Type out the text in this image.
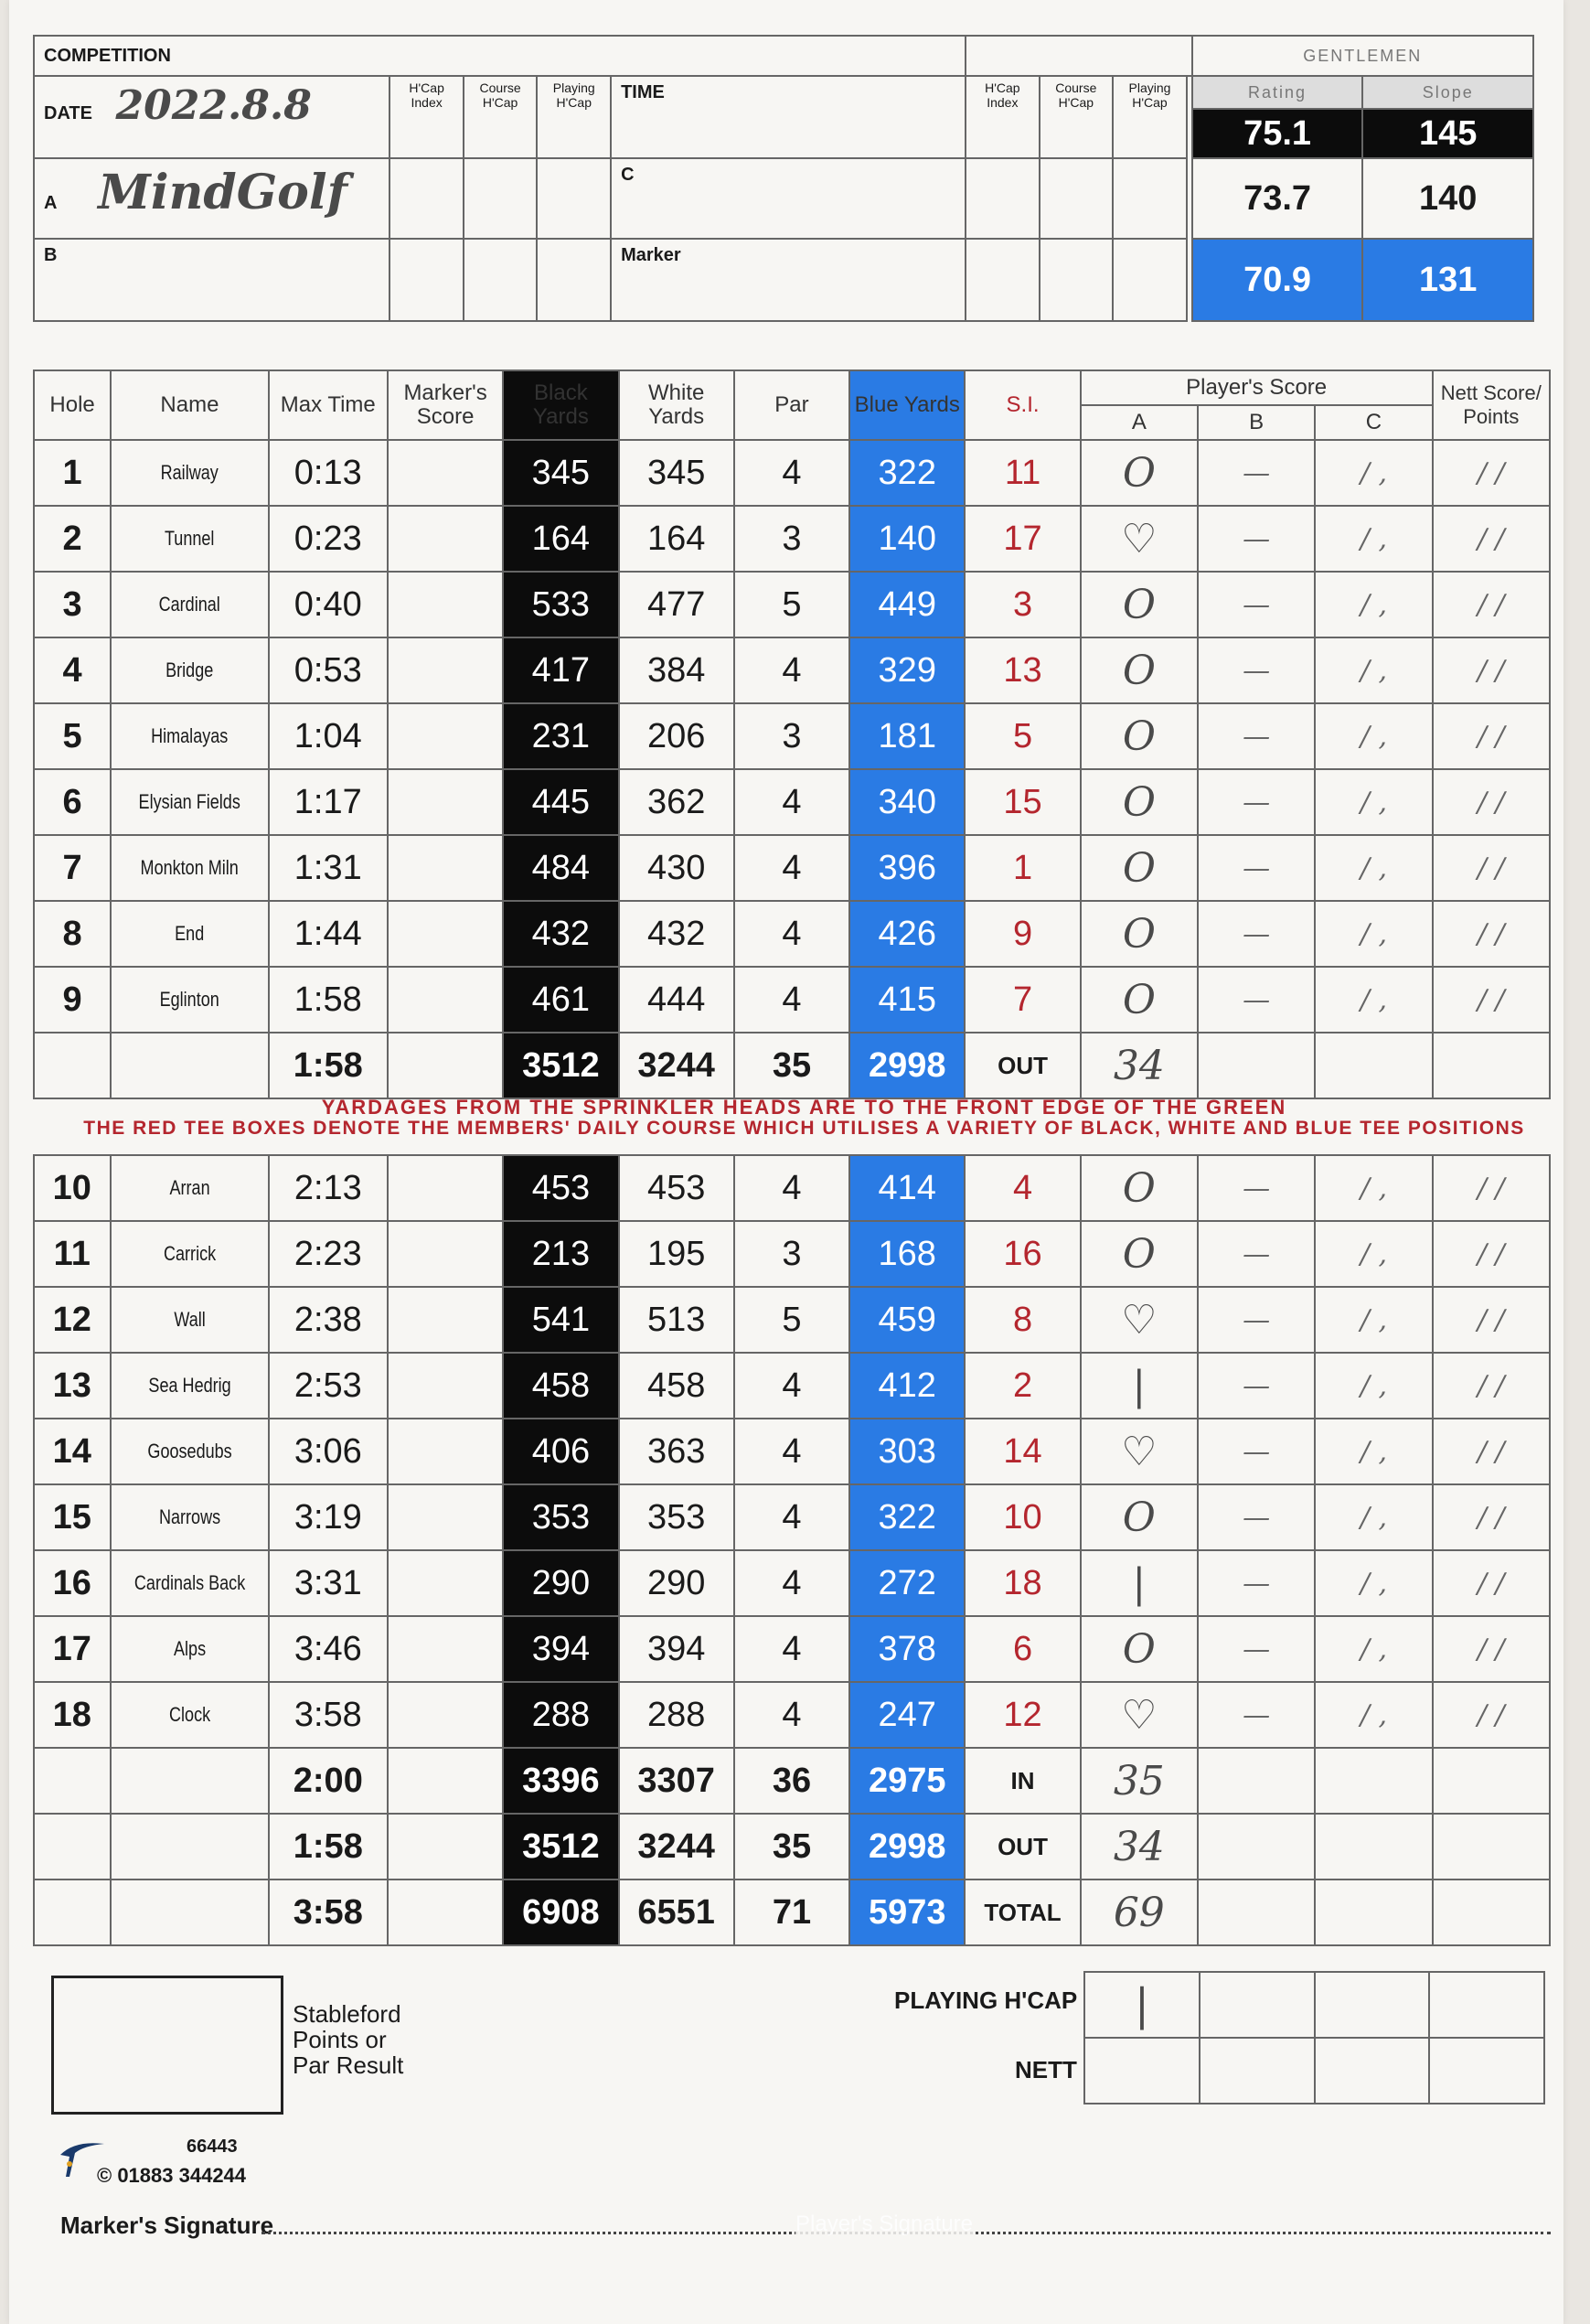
COMPETITION									GENTLEMEN	
DATE 2022.8.8	H'Cap Index	Course H'Cap	Playing H'Cap	TIME	H'Cap Index	Course H'Cap	Playing H'Cap		Rating	Slope
									75.1	145
A MindGolf				C					73.7	140
B				Marker					70.9	131
Hole	Name	Max Time	Marker's Score	Black Yards	White Yards	Par	Blue Yards	S.I.	Player's Score			Nett Score/ Points
									A	B	C	
1	Railway	0:13		345	345	4	322	11	O	—	/ ,	/ /
2	Tunnel	0:23		164	164	3	140	17	♡	—	/ ,	/ /
3	Cardinal	0:40		533	477	5	449	3	O	—	/ ,	/ /
4	Bridge	0:53		417	384	4	329	13	O	—	/ ,	/ /
5	Himalayas	1:04		231	206	3	181	5	O	—	/ ,	/ /
6	Elysian Fields	1:17		445	362	4	340	15	O	—	/ ,	/ /
7	Monkton Miln	1:31		484	430	4	396	1	O	—	/ ,	/ /
8	End	1:44		432	432	4	426	9	O	—	/ ,	/ /
9	Eglinton	1:58		461	444	4	415	7	O	—	/ ,	/ /
		1:58		3512	3244	35	2998	OUT	34			
YARDAGES FROM THE SPRINKLER HEADS ARE TO THE FRONT EDGE OF THE GREEN
THE RED TEE BOXES DENOTE THE MEMBERS' DAILY COURSE WHICH UTILISES A VARIETY OF BLACK, WHITE AND BLUE TEE POSITIONS
10	Arran	2:13		453	453	4	414	4	O	—	/ ,	/ /
11	Carrick	2:23		213	195	3	168	16	O	—	/ ,	/ /
12	Wall	2:38		541	513	5	459	8	♡	—	/ ,	/ /
13	Sea Hedrig	2:53		458	458	4	412	2	|	—	/ ,	/ /
14	Goosedubs	3:06		406	363	4	303	14	♡	—	/ ,	/ /
15	Narrows	3:19		353	353	4	322	10	O	—	/ ,	/ /
16	Cardinals Back	3:31		290	290	4	272	18	|	—	/ ,	/ /
17	Alps	3:46		394	394	4	378	6	O	—	/ ,	/ /
18	Clock	3:58		288	288	4	247	12	♡	—	/ ,	/ /
		2:00		3396	3307	36	2975	IN	35			
		1:58		3512	3244	35	2998	OUT	34			
		3:58		6908	6551	71	5973	TOTAL	69			
Stableford Points or Par Result
PLAYING H'CAP
NETT
|			

66443
© 01883 344244
Marker's Signature	Player's Signature
